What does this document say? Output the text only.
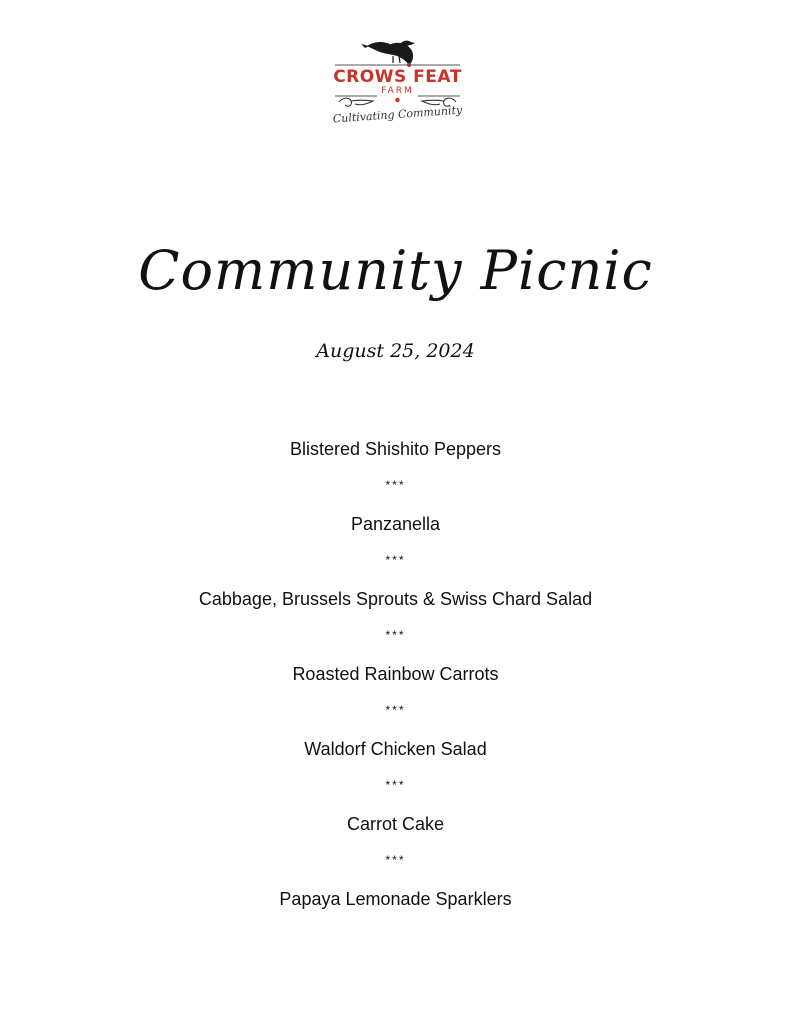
CROWS FEAT
FARM
Cultivating Community
Community Picnic
August 25, 2024
Blistered Shishito Peppers
***
Panzanella
***
Cabbage, Brussels Sprouts & Swiss Chard Salad
***
Roasted Rainbow Carrots
***
Waldorf Chicken Salad
***
Carrot Cake
***
Papaya Lemonade Sparklers
